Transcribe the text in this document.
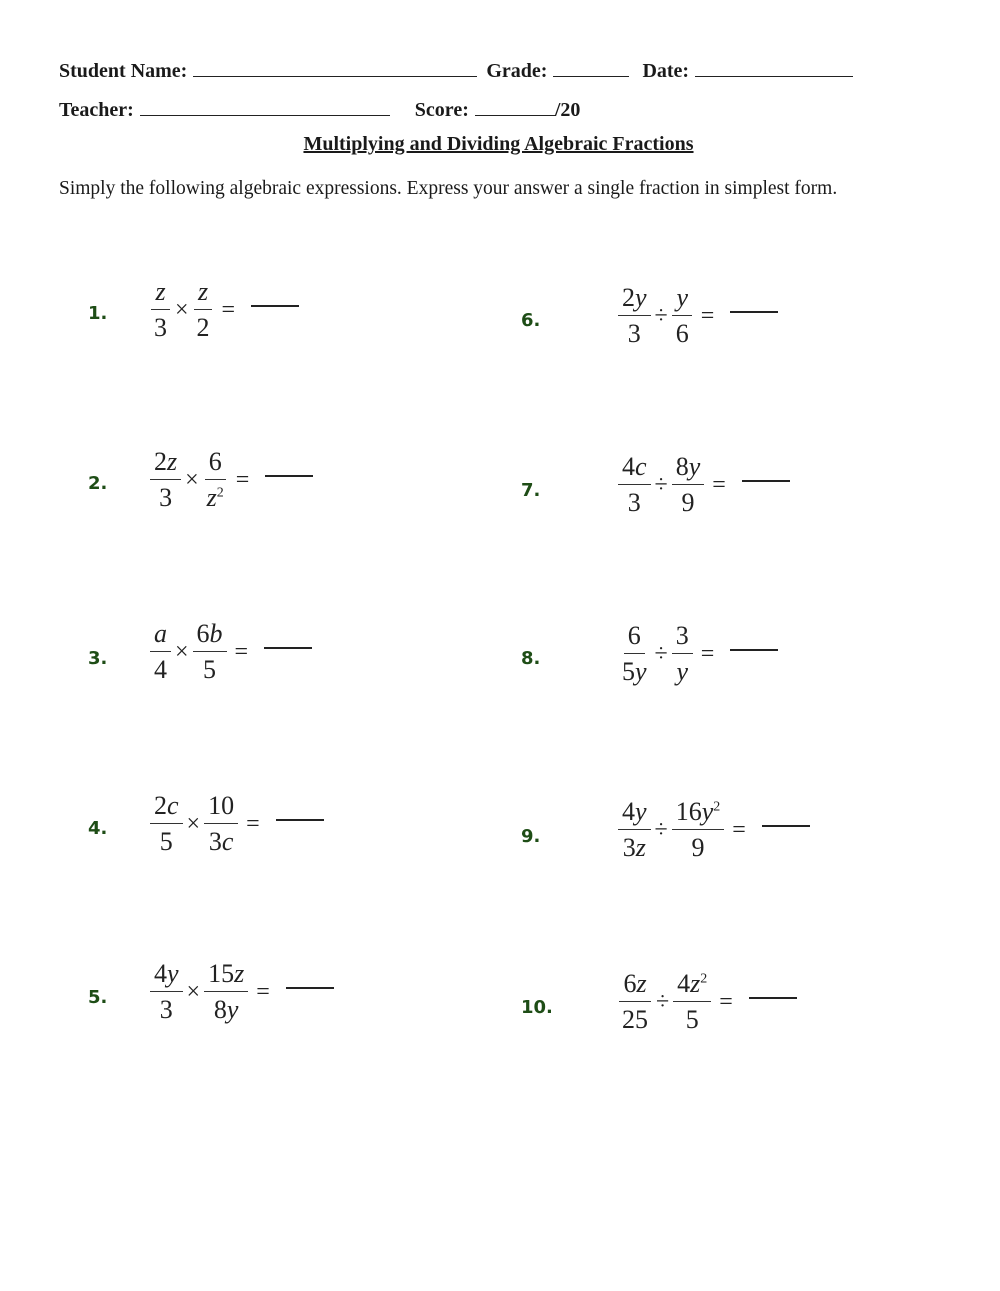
Student Name:	Grade:	Date:
Teacher:	Score:	/20
Multiplying and Dividing Algebraic Fractions
Simply the following algebraic expressions. Express your answer a single fraction in simplest form.
1. $\frac{z}{3} \times \frac{z}{2}$ =
2. $\frac{2z}{3} \times \frac{6}{z^2}$ =
3. $\frac{a}{4} \times \frac{6b}{5}$ =
4. $\frac{2c}{5} \times \frac{10}{3c}$ =
5. $\frac{4y}{3} \times \frac{15z}{8y}$ =
6.	$\frac{2y}{3} \div \frac{y}{6}$ =
7.	$\frac{4c}{3} \div \frac{8y}{9}$ =
8.	$\frac{6}{5y} \div \frac{3}{y}$ =
9.	$\frac{4y}{3z} \div \frac{16y^2}{9}$ =
10.	$\frac{6z}{25} \div \frac{4z^2}{5}$ =
